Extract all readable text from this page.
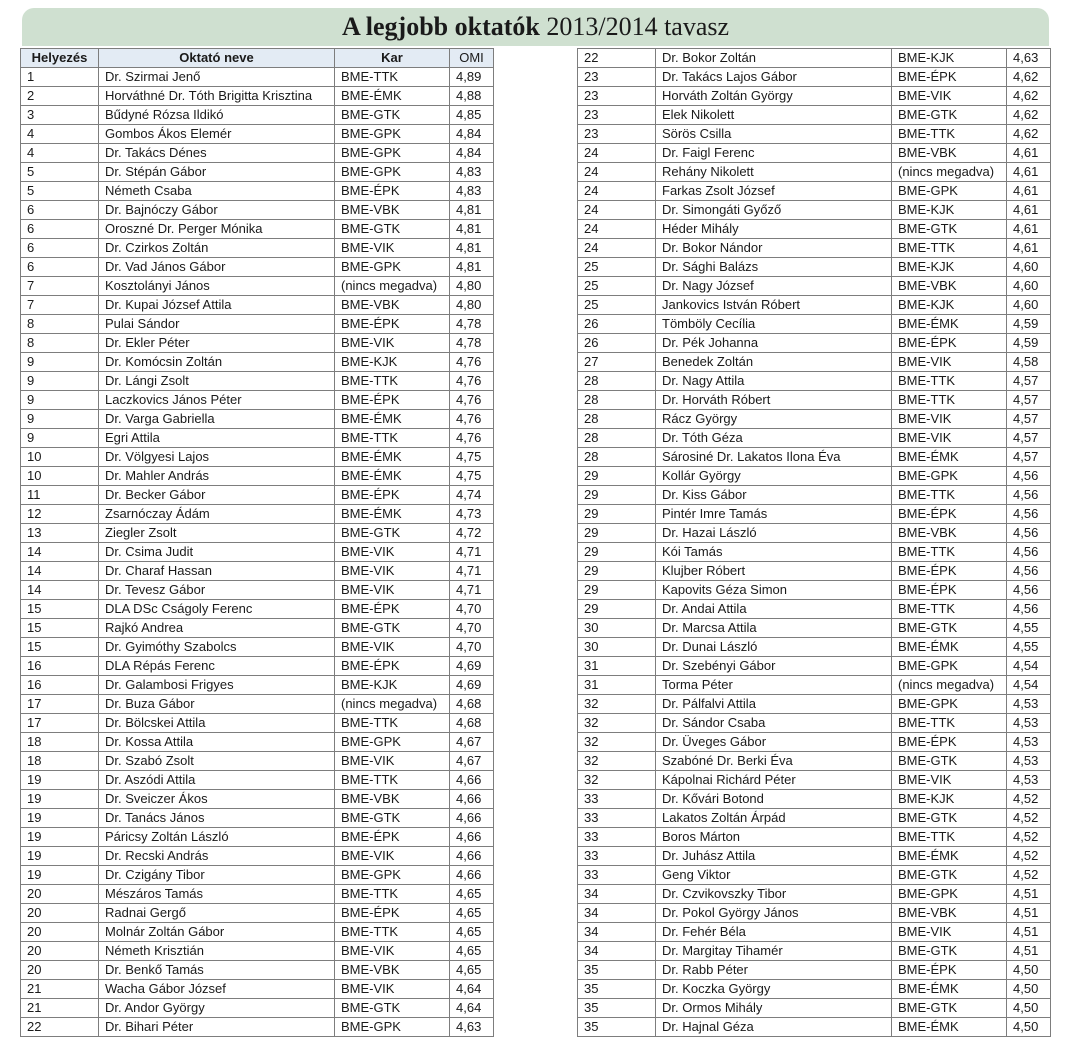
A legjobb oktatók 2013/2014 tavasz
Helyezés	Oktató neve	Kar	OMI
1	Dr. Szirmai Jenő	BME-TTK	4,89
2	Horváthné Dr. Tóth Brigitta Krisztina	BME-ÉMK	4,88
3	Bűdyné Rózsa Ildikó	BME-GTK	4,85
4	Gombos Ákos Elemér	BME-GPK	4,84
4	Dr. Takács Dénes	BME-GPK	4,84
5	Dr. Stépán Gábor	BME-GPK	4,83
5	Németh Csaba	BME-ÉPK	4,83
6	Dr. Bajnóczy Gábor	BME-VBK	4,81
6	Oroszné Dr. Perger Mónika	BME-GTK	4,81
6	Dr. Czirkos Zoltán	BME-VIK	4,81
6	Dr. Vad János Gábor	BME-GPK	4,81
7	Kosztolányi János	(nincs megadva)	4,80
7	Dr. Kupai József Attila	BME-VBK	4,80
8	Pulai Sándor	BME-ÉPK	4,78
8	Dr. Ekler Péter	BME-VIK	4,78
9	Dr. Komócsin Zoltán	BME-KJK	4,76
9	Dr. Lángi Zsolt	BME-TTK	4,76
9	Laczkovics János Péter	BME-ÉPK	4,76
9	Dr. Varga Gabriella	BME-ÉMK	4,76
9	Egri Attila	BME-TTK	4,76
10	Dr. Völgyesi Lajos	BME-ÉMK	4,75
10	Dr. Mahler András	BME-ÉMK	4,75
11	Dr. Becker Gábor	BME-ÉPK	4,74
12	Zsarnóczay Ádám	BME-ÉMK	4,73
13	Ziegler Zsolt	BME-GTK	4,72
14	Dr. Csima Judit	BME-VIK	4,71
14	Dr. Charaf Hassan	BME-VIK	4,71
14	Dr. Tevesz Gábor	BME-VIK	4,71
15	DLA DSc Cságoly Ferenc	BME-ÉPK	4,70
15	Rajkó Andrea	BME-GTK	4,70
15	Dr. Gyimóthy Szabolcs	BME-VIK	4,70
16	DLA Répás Ferenc	BME-ÉPK	4,69
16	Dr. Galambosi Frigyes	BME-KJK	4,69
17	Dr. Buza Gábor	(nincs megadva)	4,68
17	Dr. Bölcskei Attila	BME-TTK	4,68
18	Dr. Kossa Attila	BME-GPK	4,67
18	Dr. Szabó Zsolt	BME-VIK	4,67
19	Dr. Aszódi Attila	BME-TTK	4,66
19	Dr. Sveiczer Ákos	BME-VBK	4,66
19	Dr. Tanács János	BME-GTK	4,66
19	Páricsy Zoltán László	BME-ÉPK	4,66
19	Dr. Recski András	BME-VIK	4,66
19	Dr. Czigány Tibor	BME-GPK	4,66
20	Mészáros Tamás	BME-TTK	4,65
20	Radnai Gergő	BME-ÉPK	4,65
20	Molnár Zoltán Gábor	BME-TTK	4,65
20	Németh Krisztián	BME-VIK	4,65
20	Dr. Benkő Tamás	BME-VBK	4,65
21	Wacha Gábor József	BME-VIK	4,64
21	Dr. Andor György	BME-GTK	4,64
22	Dr. Bihari Péter	BME-GPK	4,63
22	Dr. Bokor Zoltán	BME-KJK	4,63
23	Dr. Takács Lajos Gábor	BME-ÉPK	4,62
23	Horváth Zoltán György	BME-VIK	4,62
23	Elek Nikolett	BME-GTK	4,62
23	Sörös Csilla	BME-TTK	4,62
24	Dr. Faigl Ferenc	BME-VBK	4,61
24	Rehány Nikolett	(nincs megadva)	4,61
24	Farkas Zsolt József	BME-GPK	4,61
24	Dr. Simongáti Győző	BME-KJK	4,61
24	Héder Mihály	BME-GTK	4,61
24	Dr. Bokor Nándor	BME-TTK	4,61
25	Dr. Sághi Balázs	BME-KJK	4,60
25	Dr. Nagy József	BME-VBK	4,60
25	Jankovics István Róbert	BME-KJK	4,60
26	Tömböly Cecília	BME-ÉMK	4,59
26	Dr. Pék Johanna	BME-ÉPK	4,59
27	Benedek Zoltán	BME-VIK	4,58
28	Dr. Nagy Attila	BME-TTK	4,57
28	Dr. Horváth Róbert	BME-TTK	4,57
28	Rácz György	BME-VIK	4,57
28	Dr. Tóth Géza	BME-VIK	4,57
28	Sárosiné Dr. Lakatos Ilona Éva	BME-ÉMK	4,57
29	Kollár György	BME-GPK	4,56
29	Dr. Kiss Gábor	BME-TTK	4,56
29	Pintér Imre Tamás	BME-ÉPK	4,56
29	Dr. Hazai László	BME-VBK	4,56
29	Kói Tamás	BME-TTK	4,56
29	Klujber Róbert	BME-ÉPK	4,56
29	Kapovits Géza Simon	BME-ÉPK	4,56
29	Dr. Andai Attila	BME-TTK	4,56
30	Dr. Marcsa Attila	BME-GTK	4,55
30	Dr. Dunai László	BME-ÉMK	4,55
31	Dr. Szebényi Gábor	BME-GPK	4,54
31	Torma Péter	(nincs megadva)	4,54
32	Dr. Pálfalvi Attila	BME-GPK	4,53
32	Dr. Sándor Csaba	BME-TTK	4,53
32	Dr. Üveges Gábor	BME-ÉPK	4,53
32	Szabóné Dr. Berki Éva	BME-GTK	4,53
32	Kápolnai Richárd Péter	BME-VIK	4,53
33	Dr. Kővári Botond	BME-KJK	4,52
33	Lakatos Zoltán Árpád	BME-GTK	4,52
33	Boros Márton	BME-TTK	4,52
33	Dr. Juhász Attila	BME-ÉMK	4,52
33	Geng Viktor	BME-GTK	4,52
34	Dr. Czvikovszky Tibor	BME-GPK	4,51
34	Dr. Pokol György János	BME-VBK	4,51
34	Dr. Fehér Béla	BME-VIK	4,51
34	Dr. Margitay Tihamér	BME-GTK	4,51
35	Dr. Rabb Péter	BME-ÉPK	4,50
35	Dr. Koczka György	BME-ÉMK	4,50
35	Dr. Ormos Mihály	BME-GTK	4,50
35	Dr. Hajnal Géza	BME-ÉMK	4,50
